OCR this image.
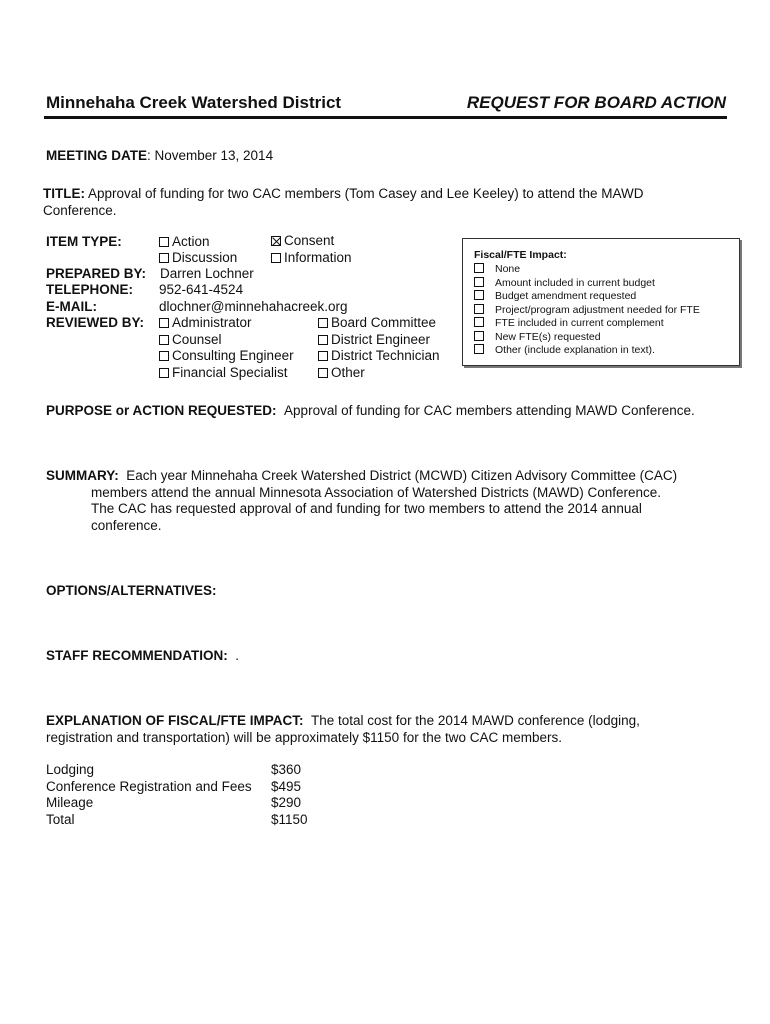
Minnehaha Creek Watershed District	REQUEST FOR BOARD ACTION
MEETING DATE: November 13, 2014
TITLE: Approval of funding for two CAC members (Tom Casey and Lee Keeley) to attend the MAWD
Conference.
ITEM TYPE:	Action	Consent
Discussion	Information
PREPARED BY: Darren Lochner
TELEPHONE: 952-641-4524
E-MAIL:	dlochner@minnehahacreek.org
REVIEWED BY:	Administrator	Board Committee
Counsel	District Engineer
Consulting Engineer	District Technician
Financial Specialist	Other
Fiscal/FTE Impact:
None
Amount included in current budget
Budget amendment requested
Project/program adjustment needed for FTE
FTE included in current complement
New FTE(s) requested
Other (include explanation in text).
PURPOSE or ACTION REQUESTED: Approval of funding for CAC members attending MAWD Conference.
SUMMARY: Each year Minnehaha Creek Watershed District (MCWD) Citizen Advisory Committee (CAC)
members attend the annual Minnesota Association of Watershed Districts (MAWD) Conference.
The CAC has requested approval of and funding for two members to attend the 2014 annual
conference.
OPTIONS/ALTERNATIVES:
STAFF RECOMMENDATION: .
EXPLANATION OF FISCAL/FTE IMPACT: The total cost for the 2014 MAWD conference (lodging,
registration and transportation) will be approximately $1150 for the two CAC members.
Lodging	$360
Conference Registration and Fees $495
Mileage	$290
Total	$1150
